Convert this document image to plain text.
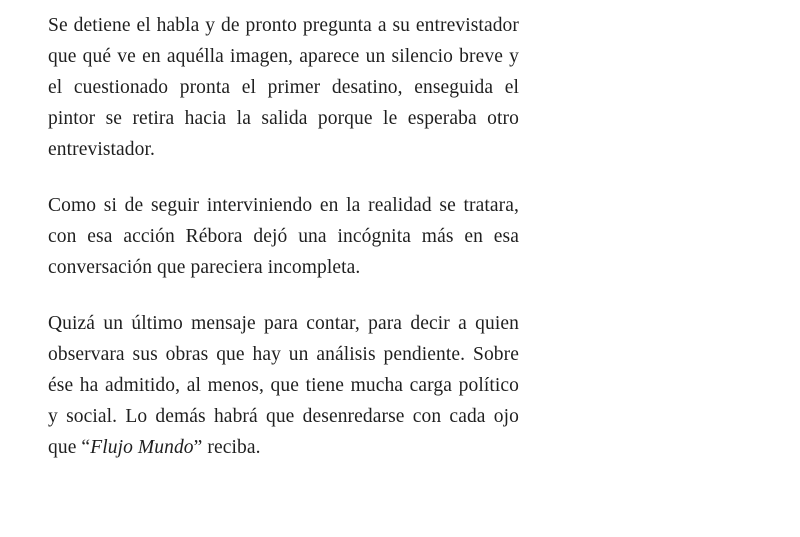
Se detiene el habla y de pronto pregunta a su entrevistador que qué ve en aquélla imagen, aparece un silencio breve y el cuestionado pronta el primer desatino, enseguida el pintor se retira hacia la salida porque le esperaba otro entrevistador.

Como si de seguir interviniendo en la realidad se tratara, con esa acción Rébora dejó una incógnita más en esa conversación que pareciera incompleta.

Quizá un último mensaje para contar, para decir a quien observara sus obras que hay un análisis pendiente. Sobre ése ha admitido, al menos, que tiene mucha carga político y social. Lo demás habrá que desenredarse con cada ojo que “Flujo Mundo” reciba.
